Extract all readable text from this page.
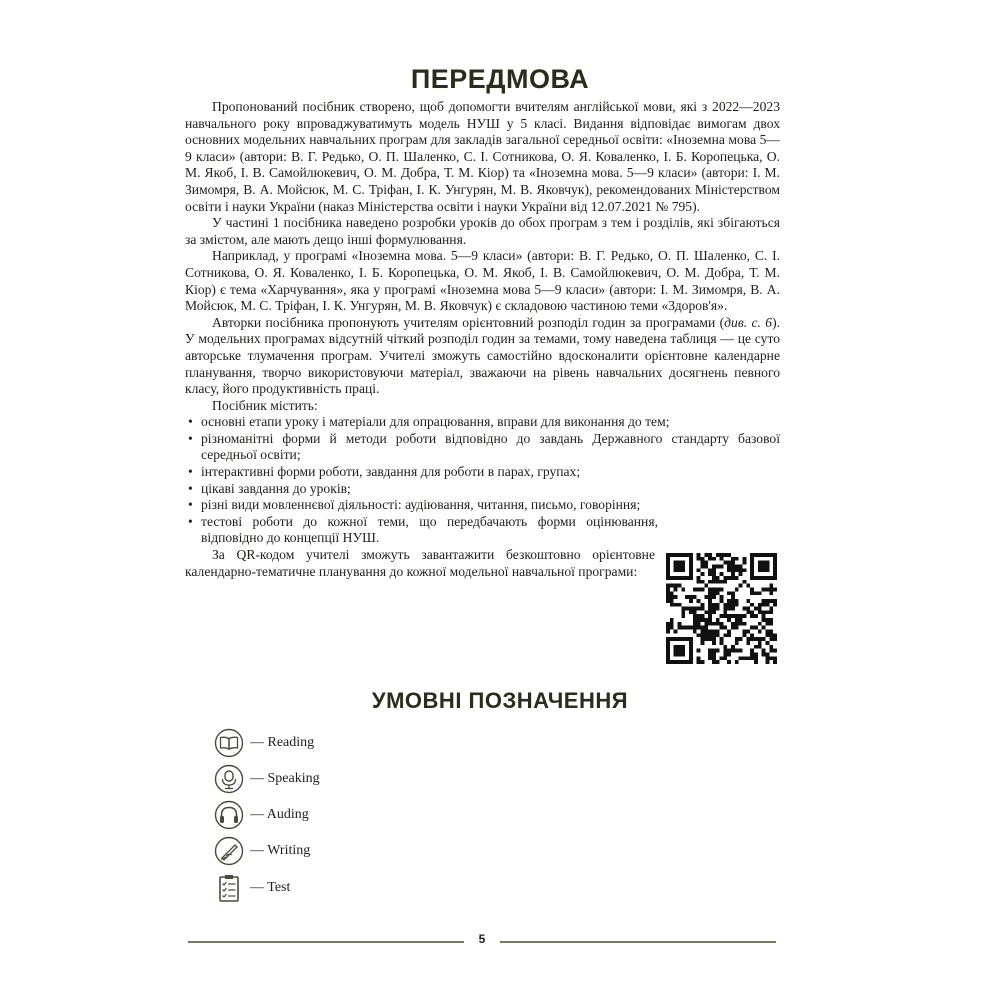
ПЕРЕДМОВА

Пропонований посібник створено, щоб допомогти вчителям англійської мови, які з 2022—2023 навчального року впроваджуватимуть модель НУШ у 5 класі. Видання відповідає вимогам двох основних модельних навчальних програм для закладів загальної середньої освіти: «Іноземна мова 5—9 класи» (автори: В. Г. Редько, О. П. Шаленко, С. І. Сотникова, О. Я. Коваленко, І. Б. Коропецька, О. М. Якоб, І. В. Самойлюкевич, О. М. Добра, Т. М. Кіор) та «Іноземна мова. 5—9 класи» (автори: І. М. Зимомря, В. А. Мойсюк, М. С. Тріфан, І. К. Унгурян, М. В. Яковчук), рекомендованих Міністерством освіти і науки України (наказ Міністерства освіти і науки України від 12.07.2021 № 795).

У частині 1 посібника наведено розробки уроків до обох програм з тем і розділів, які збігаються за змістом, але мають дещо інші формулювання.

Наприклад, у програмі «Іноземна мова. 5—9 класи» (автори: В. Г. Редько, О. П. Шаленко, С. І. Сотникова, О. Я. Коваленко, І. Б. Коропецька, О. М. Якоб, І. В. Самойлюкевич, О. М. Добра, Т. М. Кіор) є тема «Харчування», яка у програмі «Іноземна мова 5—9 класи» (автори: І. М. Зимомря, В. А. Мойсюк, М. С. Тріфан, І. К. Унгурян, М. В. Яковчук) є складовою частиною теми «Здоров'я».

Авторки посібника пропонують учителям орієнтовний розподіл годин за програмами (див. с. 6). У модельних програмах відсутній чіткий розподіл годин за темами, тому наведена таблиця — це суто авторське тлумачення програм. Учителі зможуть самостійно вдосконалити орієнтовне календарне планування, творчо використовуючи матеріал, зважаючи на рівень навчальних досягнень певного класу, його продуктивність праці.

Посібник містить:

• основні етапи уроку і матеріали для опрацювання, вправи для виконання до тем;
• різноманітні форми й методи роботи відповідно до завдань Державного стандарту базової середньої освіти;
• інтерактивні форми роботи, завдання для роботи в парах, групах;
• цікаві завдання до уроків;
• різні види мовленнєвої діяльності: аудіювання, читання, письмо, говоріння;
• тестові роботи до кожної теми, що передбачають форми оцінювання, відповідно до концепції НУШ.

За QR-кодом учителі зможуть завантажити безкоштовно орієнтовне календарно-тематичне планування до кожної модельної навчальної програми:

УМОВНІ ПОЗНАЧЕННЯ
— Reading
— Speaking
— Auding
— Writing
— Test
5
